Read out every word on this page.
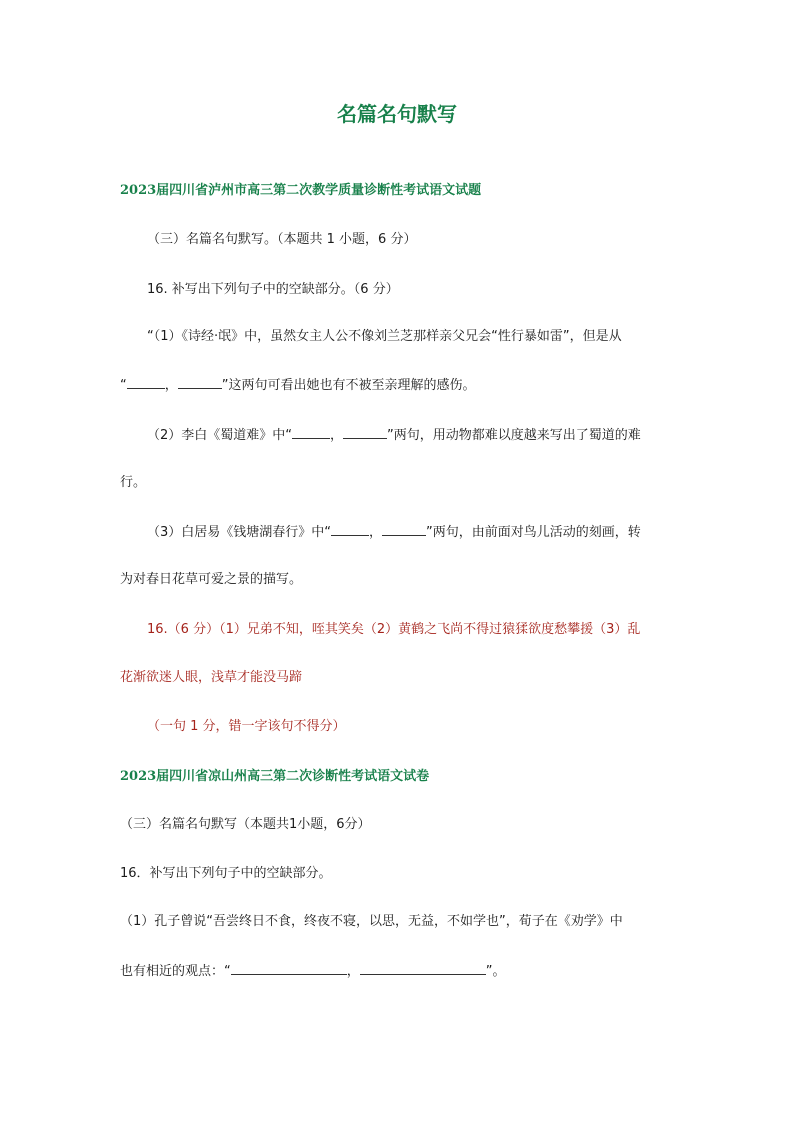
名篇名句默写
2023届四川省泸州市高三第二次教学质量诊断性考试语文试题
（三）名篇名句默写。（本题共 1 小题，6 分）
16. 补写出下列句子中的空缺部分。（6 分）
“（1）《诗经·氓》中，虽然女主人公不像刘兰芝那样亲父兄会“性行暴如雷”，但是从
“	，	”这两句可看出她也有不被至亲理解的感伤。
（2）李白《蜀道难》中“	，	”两句，用动物都难以度越来写出了蜀道的难
行。
（3）白居易《钱塘湖春行》中“	，	”两句，由前面对鸟儿活动的刻画，转
为对春日花草可爱之景的描写。
16.（6 分）（1）兄弟不知，咥其笑矣（2）黄鹤之飞尚不得过猿猱欲度愁攀援（3）乱
花渐欲迷人眼，浅草才能没马蹄
（一句 1 分，错一字该句不得分）
2023届四川省凉山州高三第二次诊断性考试语文试卷
（三）名篇名句默写（本题共1小题，6分）
16．补写出下列句子中的空缺部分。
（1）孔子曾说“吾尝终日不食，终夜不寝，以思，无益，不如学也”，荀子在《劝学》中
也有相近的观点：“	，	”。
